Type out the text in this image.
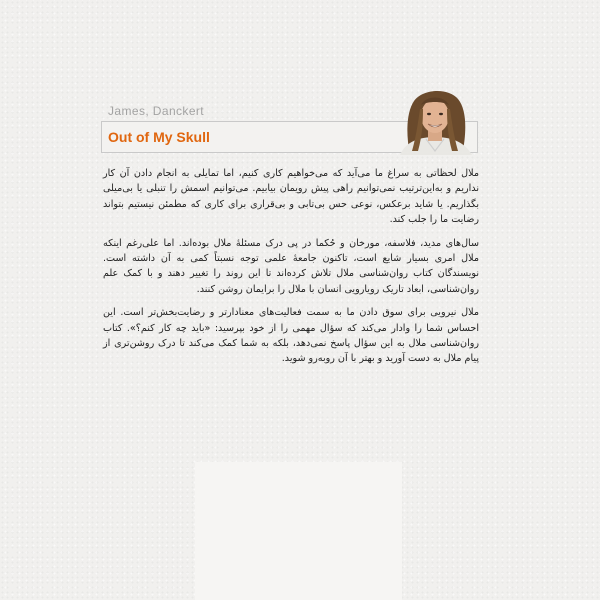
James, Danckert
Out of My Skull

ملال لحظاتی به سراغ ما می‌آید که می‌خواهیم کاری کنیم، اما تمایلی به انجام دادن آن کار نداریم و به‌این‌ترتیب نمی‌توانیم راهی پیش رویمان بیابیم. می‌توانیم اسمش را تنبلی یا بی‌میلی بگذاریم. یا شاید برعکس، نوعی حس بی‌تابی و بی‌قراری برای کاری که مطمئن نیستیم بتواند رضایت ما را جلب کند.

سال‌های مدید، فلاسفه، مورخان و حُکما در پی درک مسئلهٔ ملال بوده‌اند. اما علی‌رغم اینکه ملال امری بسیار شایع است، تاکنون جامعهٔ علمی توجه نسبتاً کمی به آن داشته است. نویسندگان کتاب روان‌شناسی ملال تلاش کرده‌اند تا این روند را تغییر دهند و با کمک علم روان‌شناسی، ابعاد تاریک رویارویی انسان با ملال را برایمان روشن کنند.

ملال نیرویی برای سوق دادن ما به سمت فعالیت‌های معنادارتر و رضایت‌بخش‌تر است. این احساس شما را وادار می‌کند که سؤال مهمی را از خود بپرسید: «باید چه کار کنم؟». کتاب روان‌شناسی ملال به این سؤال پاسخ نمی‌دهد، بلکه به شما کمک می‌کند تا درک روشن‌تری از پیام ملال به دست آورید و بهتر با آن روبه‌رو شوید.
